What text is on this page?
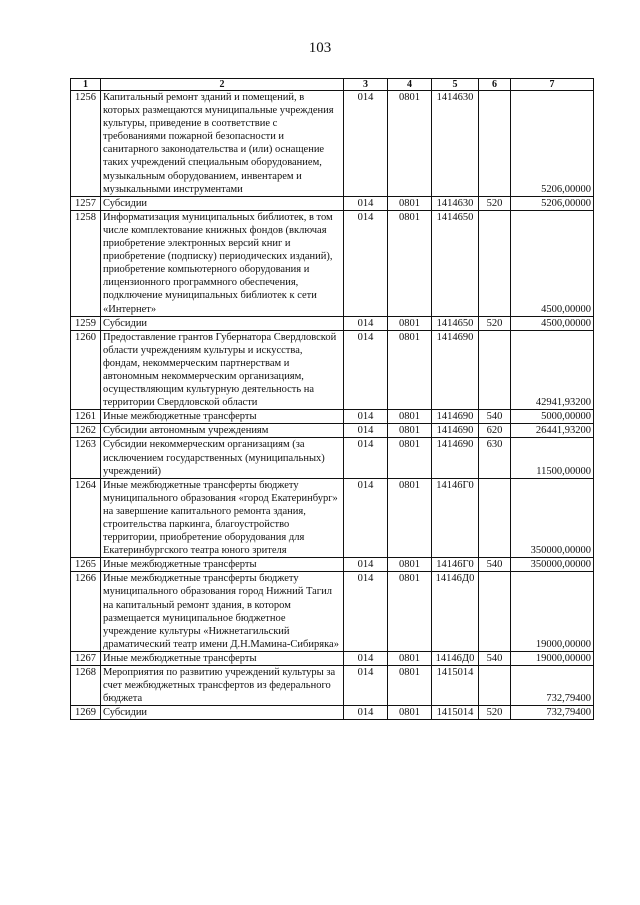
103
1	2	3	4	5	6	7
1256	Капитальный ремонт зданий и помещений, в которых размещаются муниципальные учреждения культуры, приведение в соответствие с требованиями пожарной безопасности и санитарного законодательства и (или) оснащение таких учреждений специальным оборудованием, музыкальным оборудованием, инвентарем и музыкальными инструментами	014	0801	1414630		5206,00000
1257	Субсидии	014	0801	1414630	520	5206,00000
1258	Информатизация муниципальных библиотек, в том числе комплектование книжных фондов (включая приобретение электронных версий книг и приобретение (подписку) периодических изданий), приобретение компьютерного оборудования и лицензионного программного обеспечения, подключение муниципальных библиотек к сети «Интернет»	014	0801	1414650		4500,00000
1259	Субсидии	014	0801	1414650	520	4500,00000
1260	Предоставление грантов Губернатора Свердловской области учреждениям культуры и искусства, фондам, некоммерческим партнерствам и автономным некоммерческим организациям, осуществляющим культурную деятельность на территории Свердловской области	014	0801	1414690		42941,93200
1261	Иные межбюджетные трансферты	014	0801	1414690	540	5000,00000
1262	Субсидии автономным учреждениям	014	0801	1414690	620	26441,93200
1263	Субсидии некоммерческим организациям (за исключением государственных (муниципальных) учреждений)	014	0801	1414690	630	11500,00000
1264	Иные межбюджетные трансферты бюджету муниципального образования «город Екатеринбург» на завершение капитального ремонта здания, строительства паркинга, благоустройство территории, приобретение оборудования для Екатеринбургского театра юного зрителя	014	0801	14146Г0		350000,00000
1265	Иные межбюджетные трансферты	014	0801	14146Г0	540	350000,00000
1266	Иные межбюджетные трансферты бюджету муниципального образования город Нижний Тагил на капитальный ремонт здания, в котором размещается муниципальное бюджетное учреждение культуры «Нижнетагильский драматический театр имени Д.Н.Мамина-Сибиряка»	014	0801	14146Д0		19000,00000
1267	Иные межбюджетные трансферты	014	0801	14146Д0	540	19000,00000
1268	Мероприятия по развитию учреждений культуры за счет межбюджетных трансфертов из федерального бюджета	014	0801	1415014		732,79400
1269	Субсидии	014	0801	1415014	520	732,79400
